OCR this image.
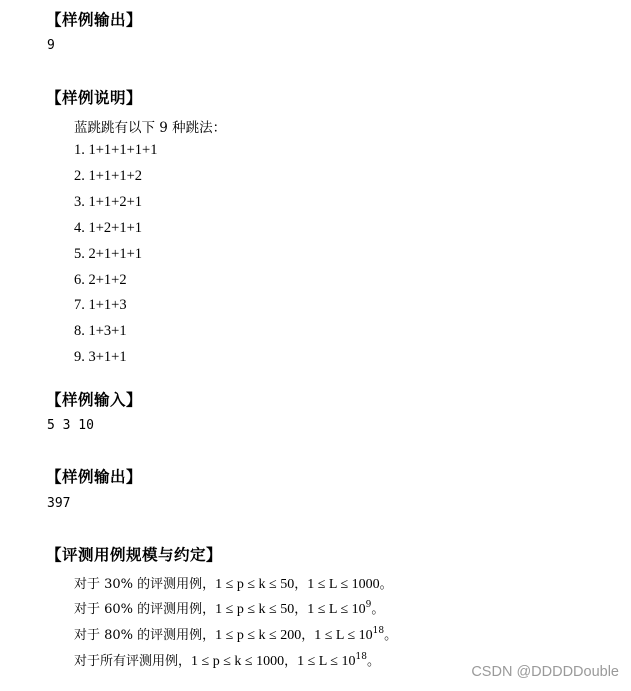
【样例输出】
9
【样例说明】
蓝跳跳有以下 9 种跳法：
1. 1+1+1+1+1
2. 1+1+1+2
3. 1+1+2+1
4. 1+2+1+1
5. 2+1+1+1
6. 2+1+2
7. 1+1+3
8. 1+3+1
9. 3+1+1
【样例输入】
5 3 10
【样例输出】
397
【评测用例规模与约定】
对于 30% 的评测用例，1 ≤ p ≤ k ≤ 50，1 ≤ L ≤ 1000。
对于 60% 的评测用例，1 ≤ p ≤ k ≤ 50，$1 \le L \le 10^9$。
对于 80% 的评测用例，1 ≤ p ≤ k ≤ 200，$1 \le L \le 10^{18}$。
对于所有评测用例，1 ≤ p ≤ k ≤ 1000，$1 \le L \le 10^{18}$。
CSDN @DDDDDouble
